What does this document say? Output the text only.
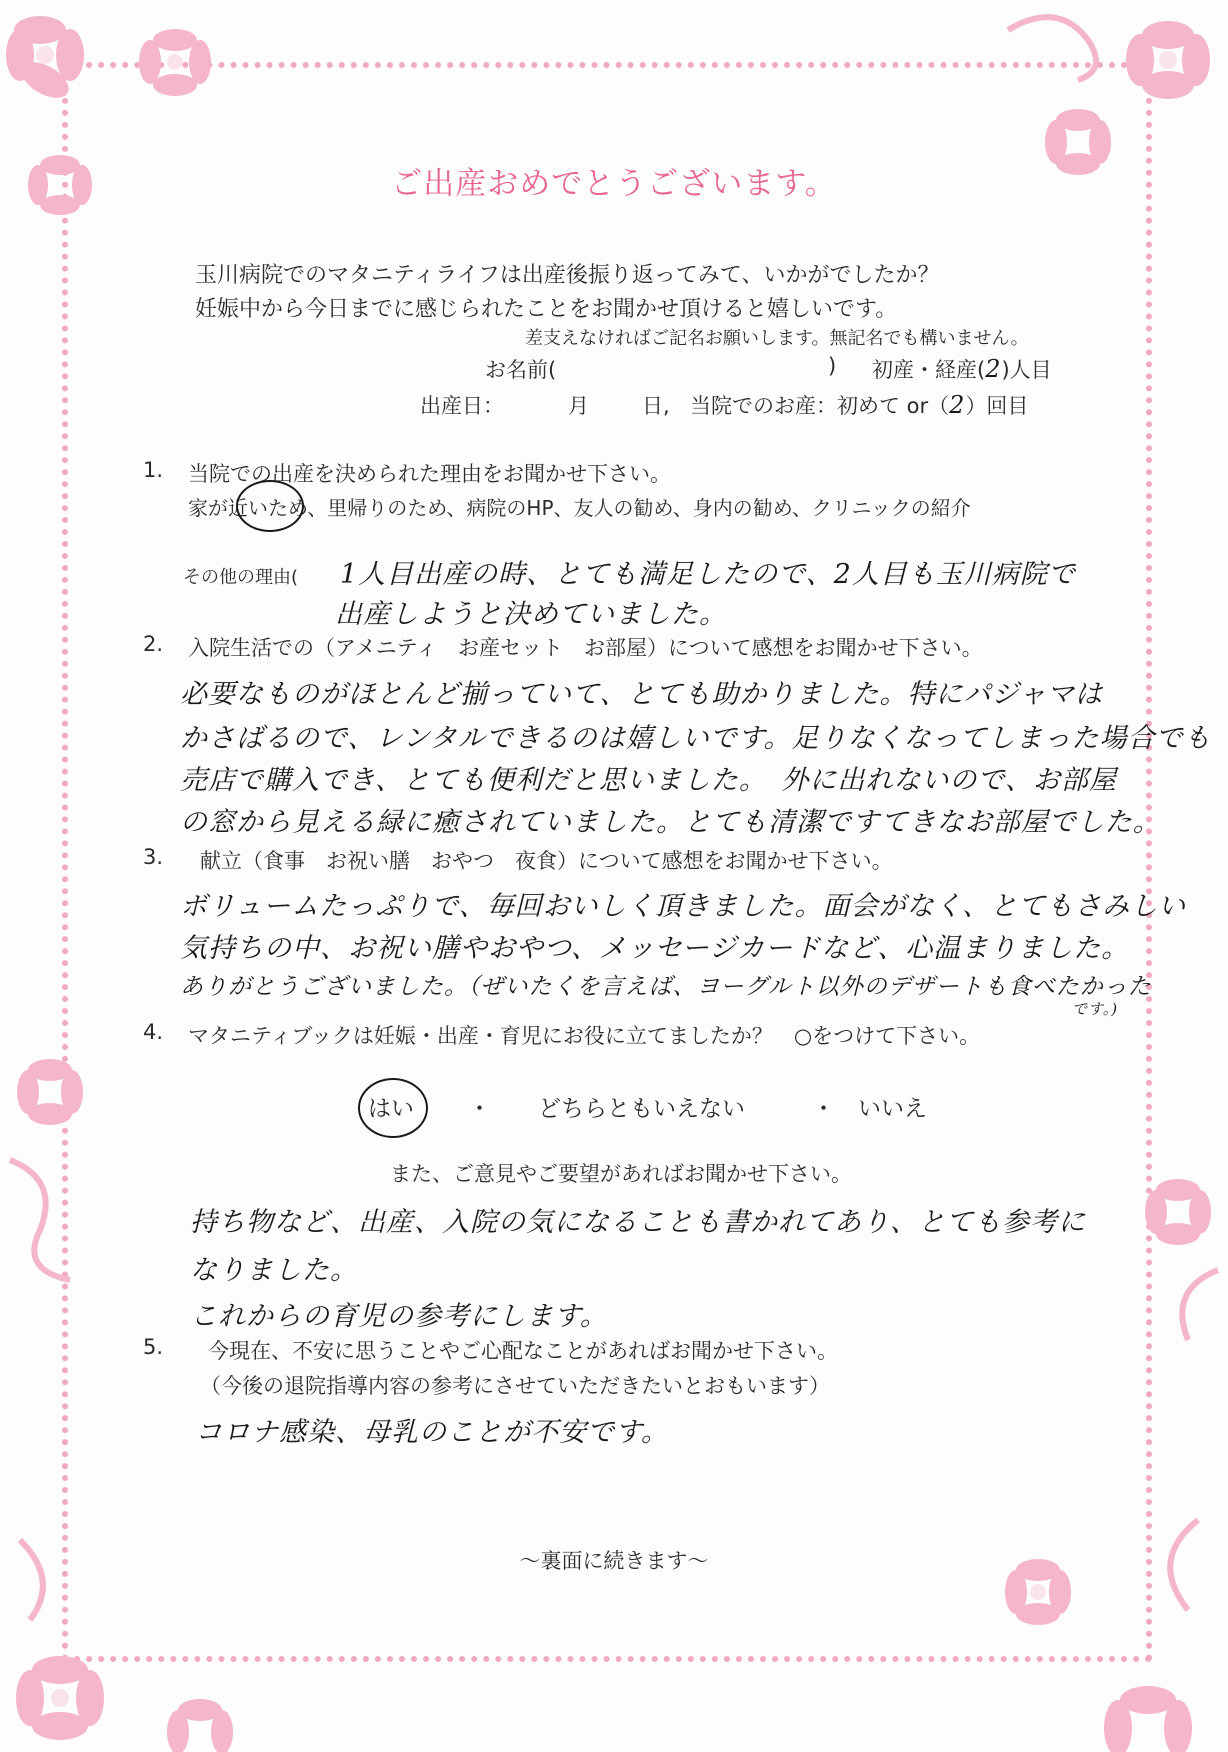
ご出産おめでとうございます。
玉川病院でのマタニティライフは出産後振り返ってみて、いかがでしたか？
妊娠中から今日までに感じられたことをお聞かせ頂けると嬉しいです。
差支えなければご記名お願いします。無記名でも構いません。
お名前(	) 初産・経産(2)人目
出産日：	月	日, 当院でのお産：初めて or（2）回目
1. 当院での出産を決められた理由をお聞かせ下さい。
家が近いため、里帰りのため、病院のHP、友人の勧め、身内の勧め、クリニックの紹介
その他の理由( 1人目出産の時、とても満足したので、2人目も玉川病院で
出産しようと決めていました。
2. 入院生活での（アメニティ　お産セット　お部屋）について感想をお聞かせ下さい。
必要なものがほとんど揃っていて、とても助かりました。特にパジャマは
かさばるので、レンタルできるのは嬉しいです。足りなくなってしまった場合でも
売店で購入でき、とても便利だと思いました。　外に出れないので、お部屋
の窓から見える緑に癒されていました。とても清潔ですてきなお部屋でした。
3. 献立（食事　お祝い膳　おやつ　夜食）について感想をお聞かせ下さい。
ボリュームたっぷりで、毎回おいしく頂きました。面会がなく、とてもさみしい
気持ちの中、お祝い膳やおやつ、メッセージカードなど、心温まりました。
ありがとうございました。（ぜいたくを言えば、ヨーグルト以外のデザートも食べたかった
です。)
4. マタニティブックは妊娠・出産・育児にお役に立てましたか？　○をつけて下さい。
はい ・ どちらともいえない	・ いいえ
また、ご意見やご要望があればお聞かせ下さい。
持ち物など、出産、入院の気になることも書かれてあり、とても参考に
なりました。
これからの育児の参考にします。
5. 今現在、不安に思うことやご心配なことがあればお聞かせ下さい。
（今後の退院指導内容の参考にさせていただきたいとおもいます）
コロナ感染、母乳のことが不安です。
〜裏面に続きます〜
